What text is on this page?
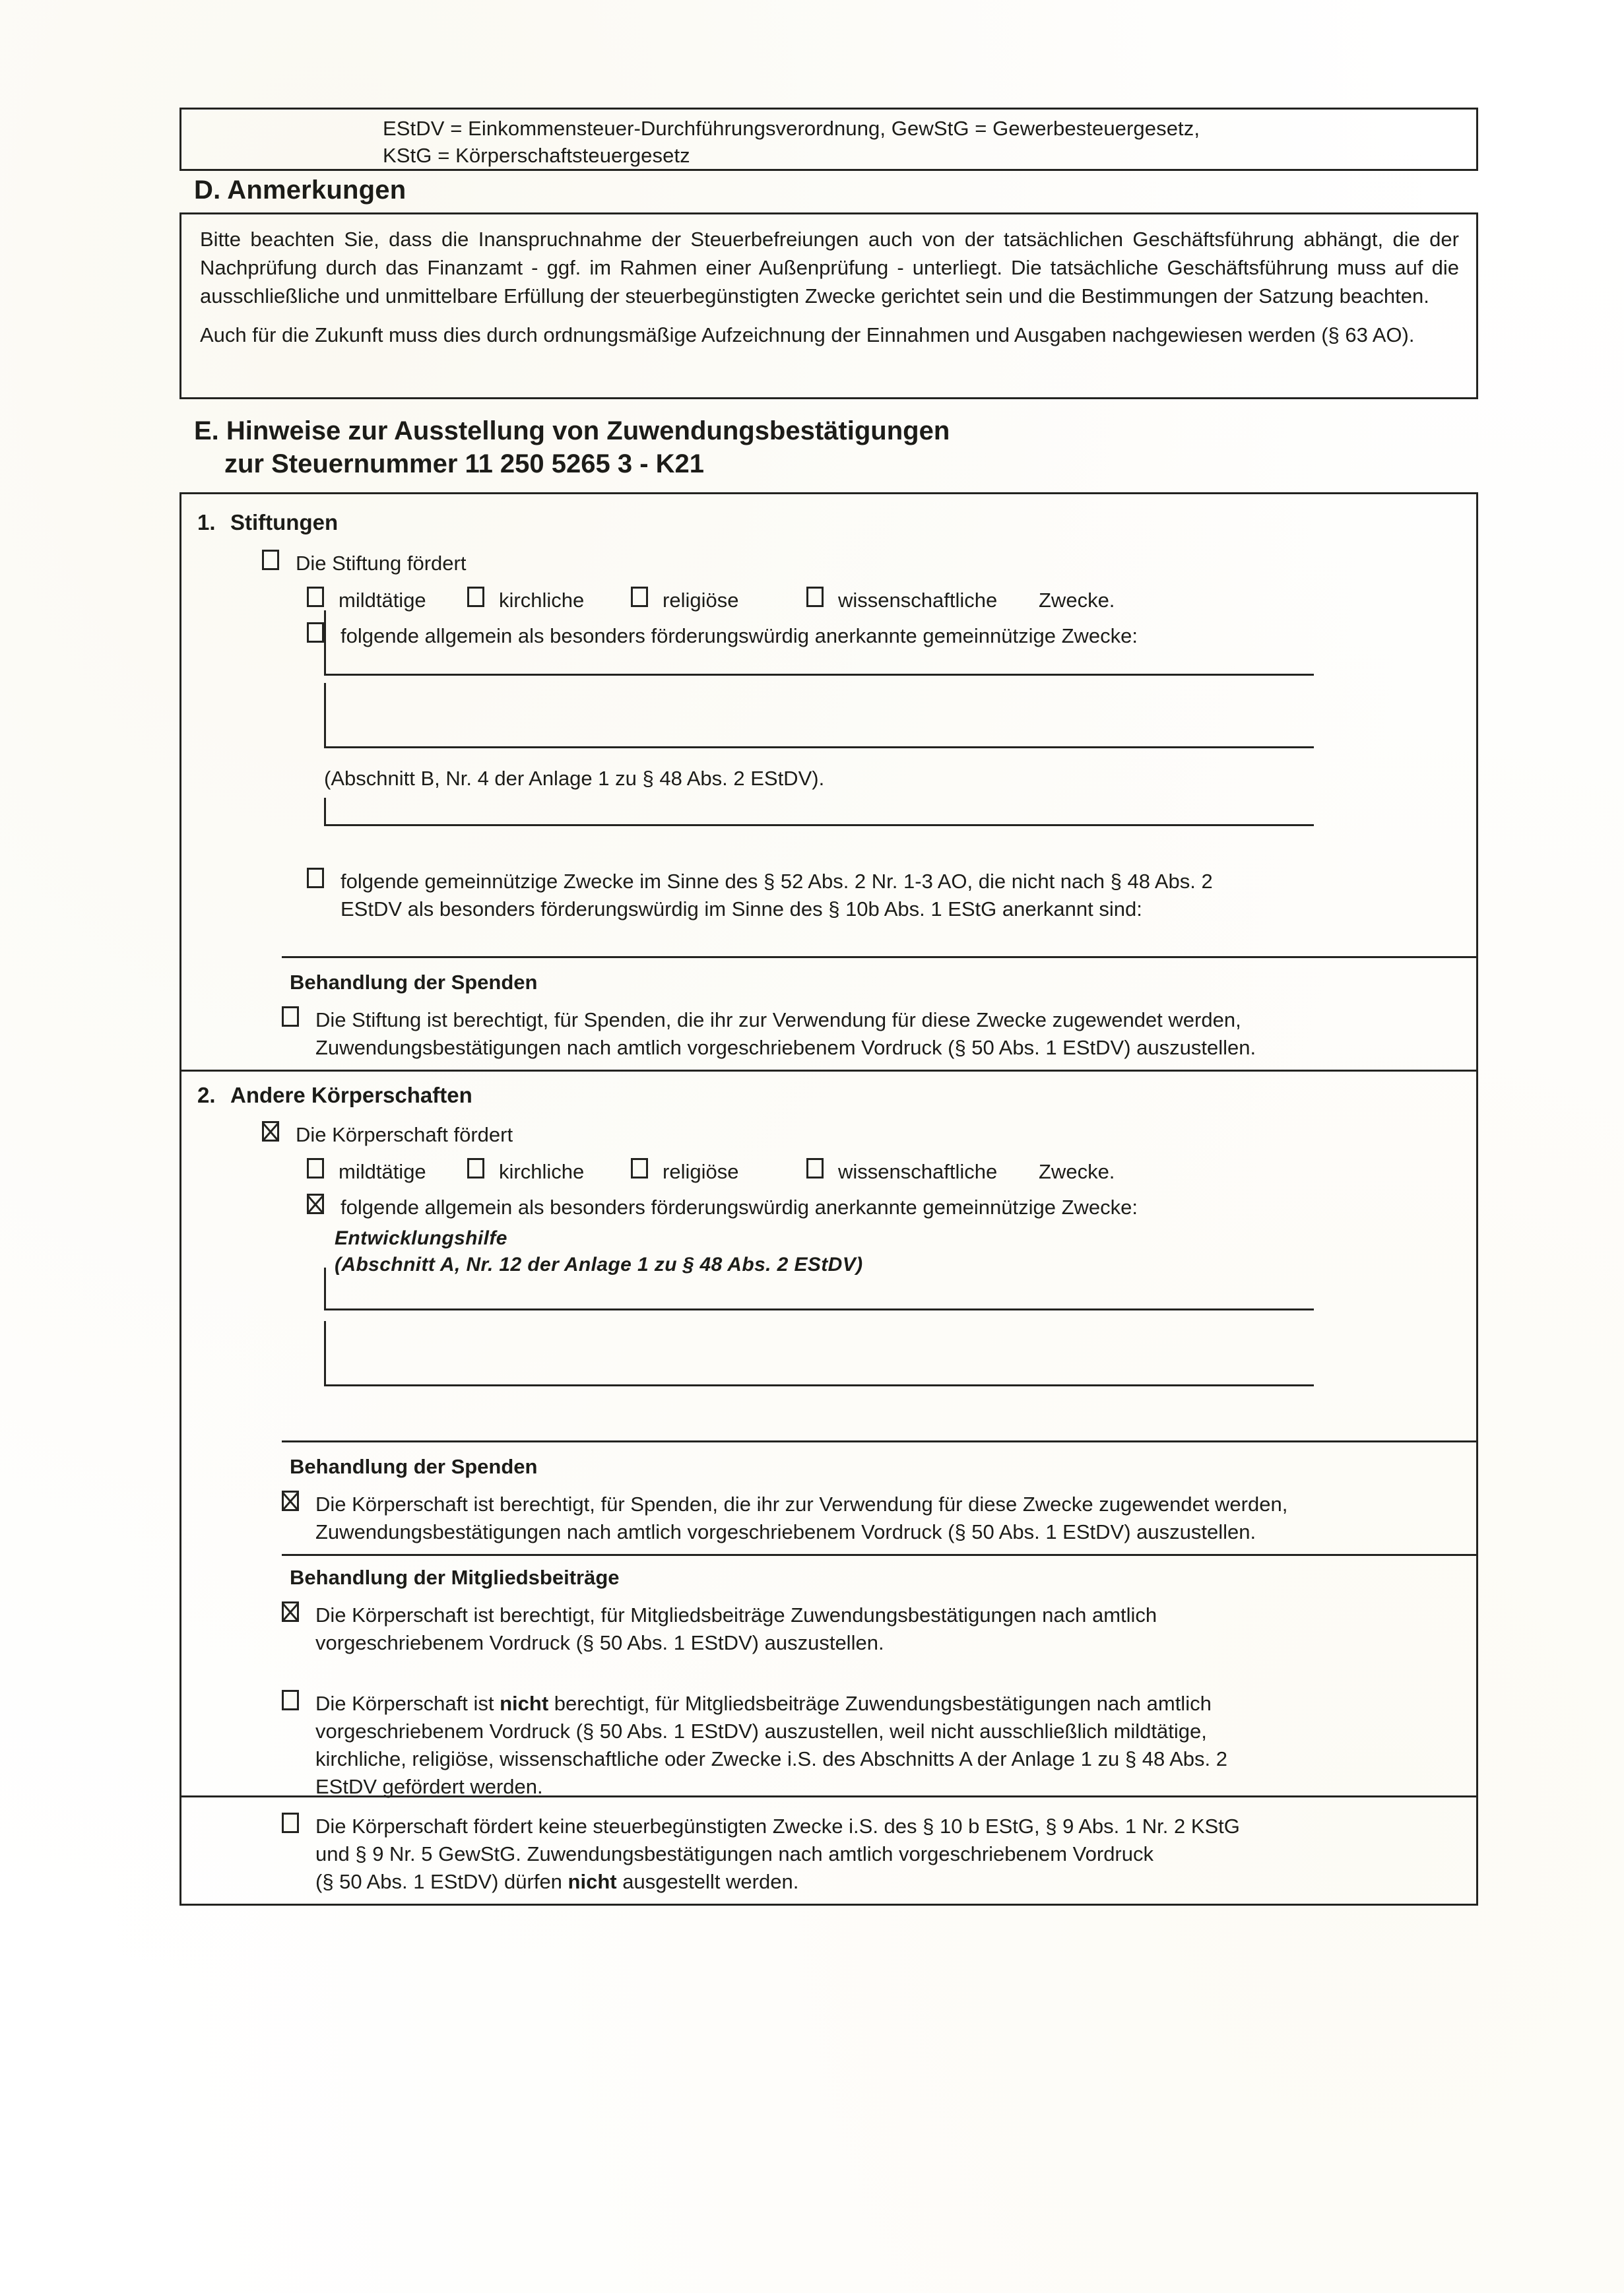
EStDV = Einkommensteuer-Durchführungsverordnung, GewStG = Gewerbesteuergesetz,
KStG = Körperschaftsteuergesetz
D. Anmerkungen
Bitte beachten Sie, dass die Inanspruchnahme der Steuerbefreiungen auch von der tatsächlichen Geschäftsführung abhängt, die der Nachprüfung durch das Finanzamt - ggf. im Rahmen einer Außenprüfung - unterliegt. Die tatsächliche Geschäftsführung muss auf die ausschließliche und unmittelbare Erfüllung der steuerbegünstigten Zwecke gerichtet sein und die Bestimmungen der Satzung beachten.
Auch für die Zukunft muss dies durch ordnungsmäßige Aufzeichnung der Einnahmen und Ausgaben nachgewiesen werden (§ 63 AO).
E. Hinweise zur Ausstellung von Zuwendungsbestätigungen
zur Steuernummer 11 250 5265 3 - K21
1. Stiftungen
Die Stiftung fördert
mildtätige	kirchliche	religiöse	wissenschaftliche	Zwecke.
folgende allgemein als besonders förderungswürdig anerkannte gemeinnützige Zwecke:
(Abschnitt B, Nr. 4 der Anlage 1 zu § 48 Abs. 2 EStDV).
folgende gemeinnützige Zwecke im Sinne des § 52 Abs. 2 Nr. 1-3 AO, die nicht nach § 48 Abs. 2
EStDV als besonders förderungswürdig im Sinne des § 10b Abs. 1 EStG anerkannt sind:
Behandlung der Spenden
Die Stiftung ist berechtigt, für Spenden, die ihr zur Verwendung für diese Zwecke zugewendet werden,
Zuwendungsbestätigungen nach amtlich vorgeschriebenem Vordruck (§ 50 Abs. 1 EStDV) auszustellen.
2. Andere Körperschaften
Die Körperschaft fördert
mildtätige	kirchliche	religiöse	wissenschaftliche	Zwecke.
folgende allgemein als besonders förderungswürdig anerkannte gemeinnützige Zwecke:
Entwicklungshilfe
(Abschnitt A, Nr. 12 der Anlage 1 zu § 48 Abs. 2 EStDV)
Behandlung der Spenden
Die Körperschaft ist berechtigt, für Spenden, die ihr zur Verwendung für diese Zwecke zugewendet werden,
Zuwendungsbestätigungen nach amtlich vorgeschriebenem Vordruck (§ 50 Abs. 1 EStDV) auszustellen.
Behandlung der Mitgliedsbeiträge
Die Körperschaft ist berechtigt, für Mitgliedsbeiträge Zuwendungsbestätigungen nach amtlich
vorgeschriebenem Vordruck (§ 50 Abs. 1 EStDV) auszustellen.
Die Körperschaft ist nicht berechtigt, für Mitgliedsbeiträge Zuwendungsbestätigungen nach amtlich
vorgeschriebenem Vordruck (§ 50 Abs. 1 EStDV) auszustellen, weil nicht ausschließlich mildtätige,
kirchliche, religiöse, wissenschaftliche oder Zwecke i.S. des Abschnitts A der Anlage 1 zu § 48 Abs. 2
EStDV gefördert werden.
Die Körperschaft fördert keine steuerbegünstigten Zwecke i.S. des § 10 b EStG, § 9 Abs. 1 Nr. 2 KStG
und § 9 Nr. 5 GewStG. Zuwendungsbestätigungen nach amtlich vorgeschriebenem Vordruck
(§ 50 Abs. 1 EStDV) dürfen nicht ausgestellt werden.
